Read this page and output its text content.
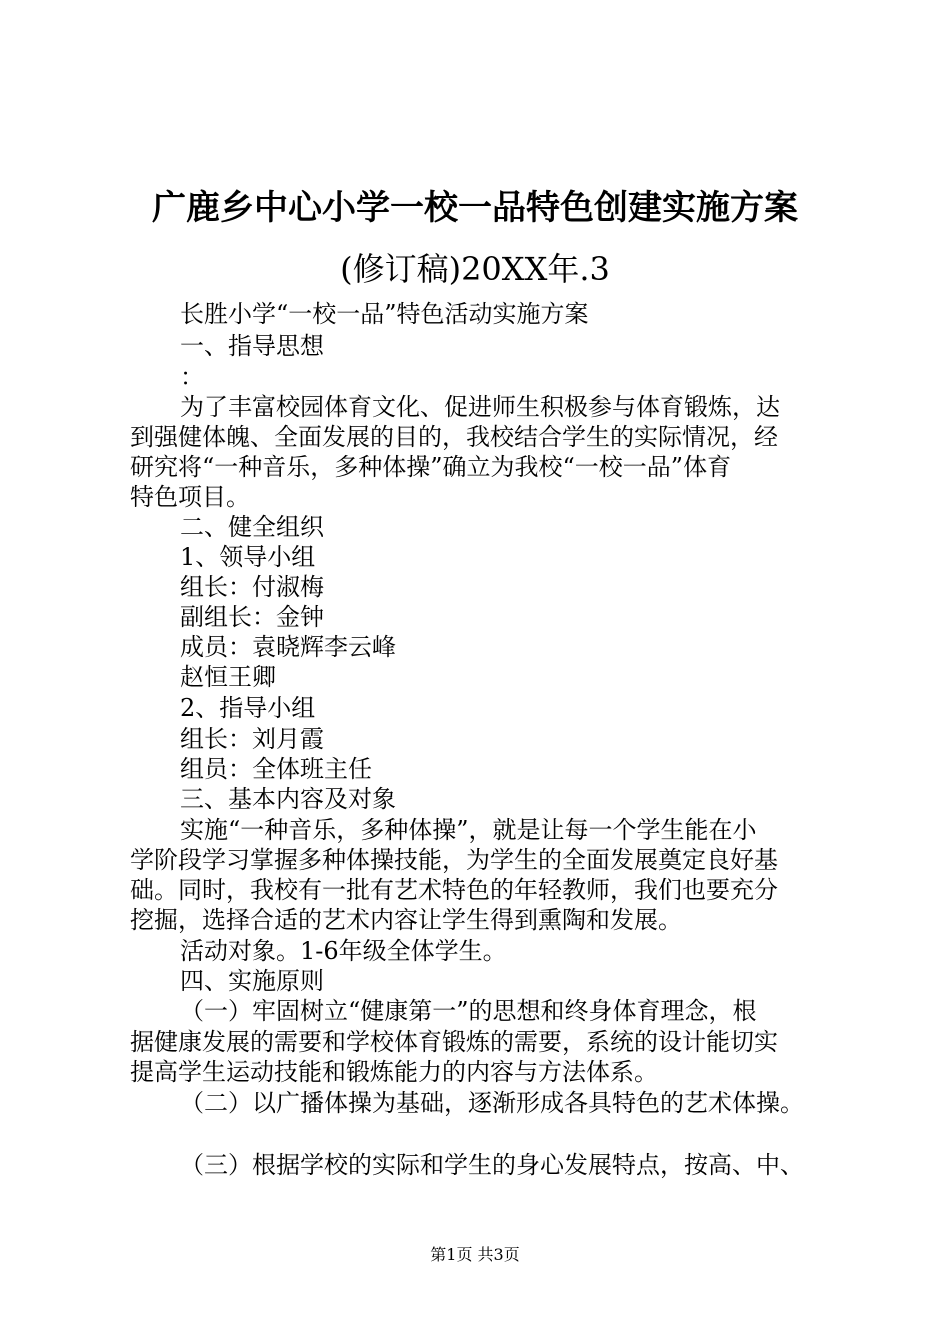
广鹿乡中心小学一校一品特色创建实施方案
(修订稿)20XX年.3
长胜小学“一校一品”特色活动实施方案
一、指导思想
：
为了丰富校园体育文化、促进师生积极参与体育锻炼，达
到强健体魄、全面发展的目的，我校结合学生的实际情况，经
研究将“一种音乐，多种体操”确立为我校“一校一品”体育
特色项目。
二、健全组织
1、领导小组
组长：付淑梅
副组长：金钟
成员：袁晓辉李云峰
赵恒王卿
2、指导小组
组长：刘月霞
组员：全体班主任
三、基本内容及对象
实施“一种音乐，多种体操”，就是让每一个学生能在小
学阶段学习掌握多种体操技能，为学生的全面发展奠定良好基
础。同时，我校有一批有艺术特色的年轻教师，我们也要充分
挖掘，选择合适的艺术内容让学生得到熏陶和发展。
活动对象。1-6年级全体学生。
四、实施原则
（一）牢固树立“健康第一”的思想和终身体育理念，根
据健康发展的需要和学校体育锻炼的需要，系统的设计能切实
提高学生运动技能和锻炼能力的内容与方法体系。
（二）以广播体操为基础，逐渐形成各具特色的艺术体操。
（三）根据学校的实际和学生的身心发展特点，按高、中、
第1页 共3页
